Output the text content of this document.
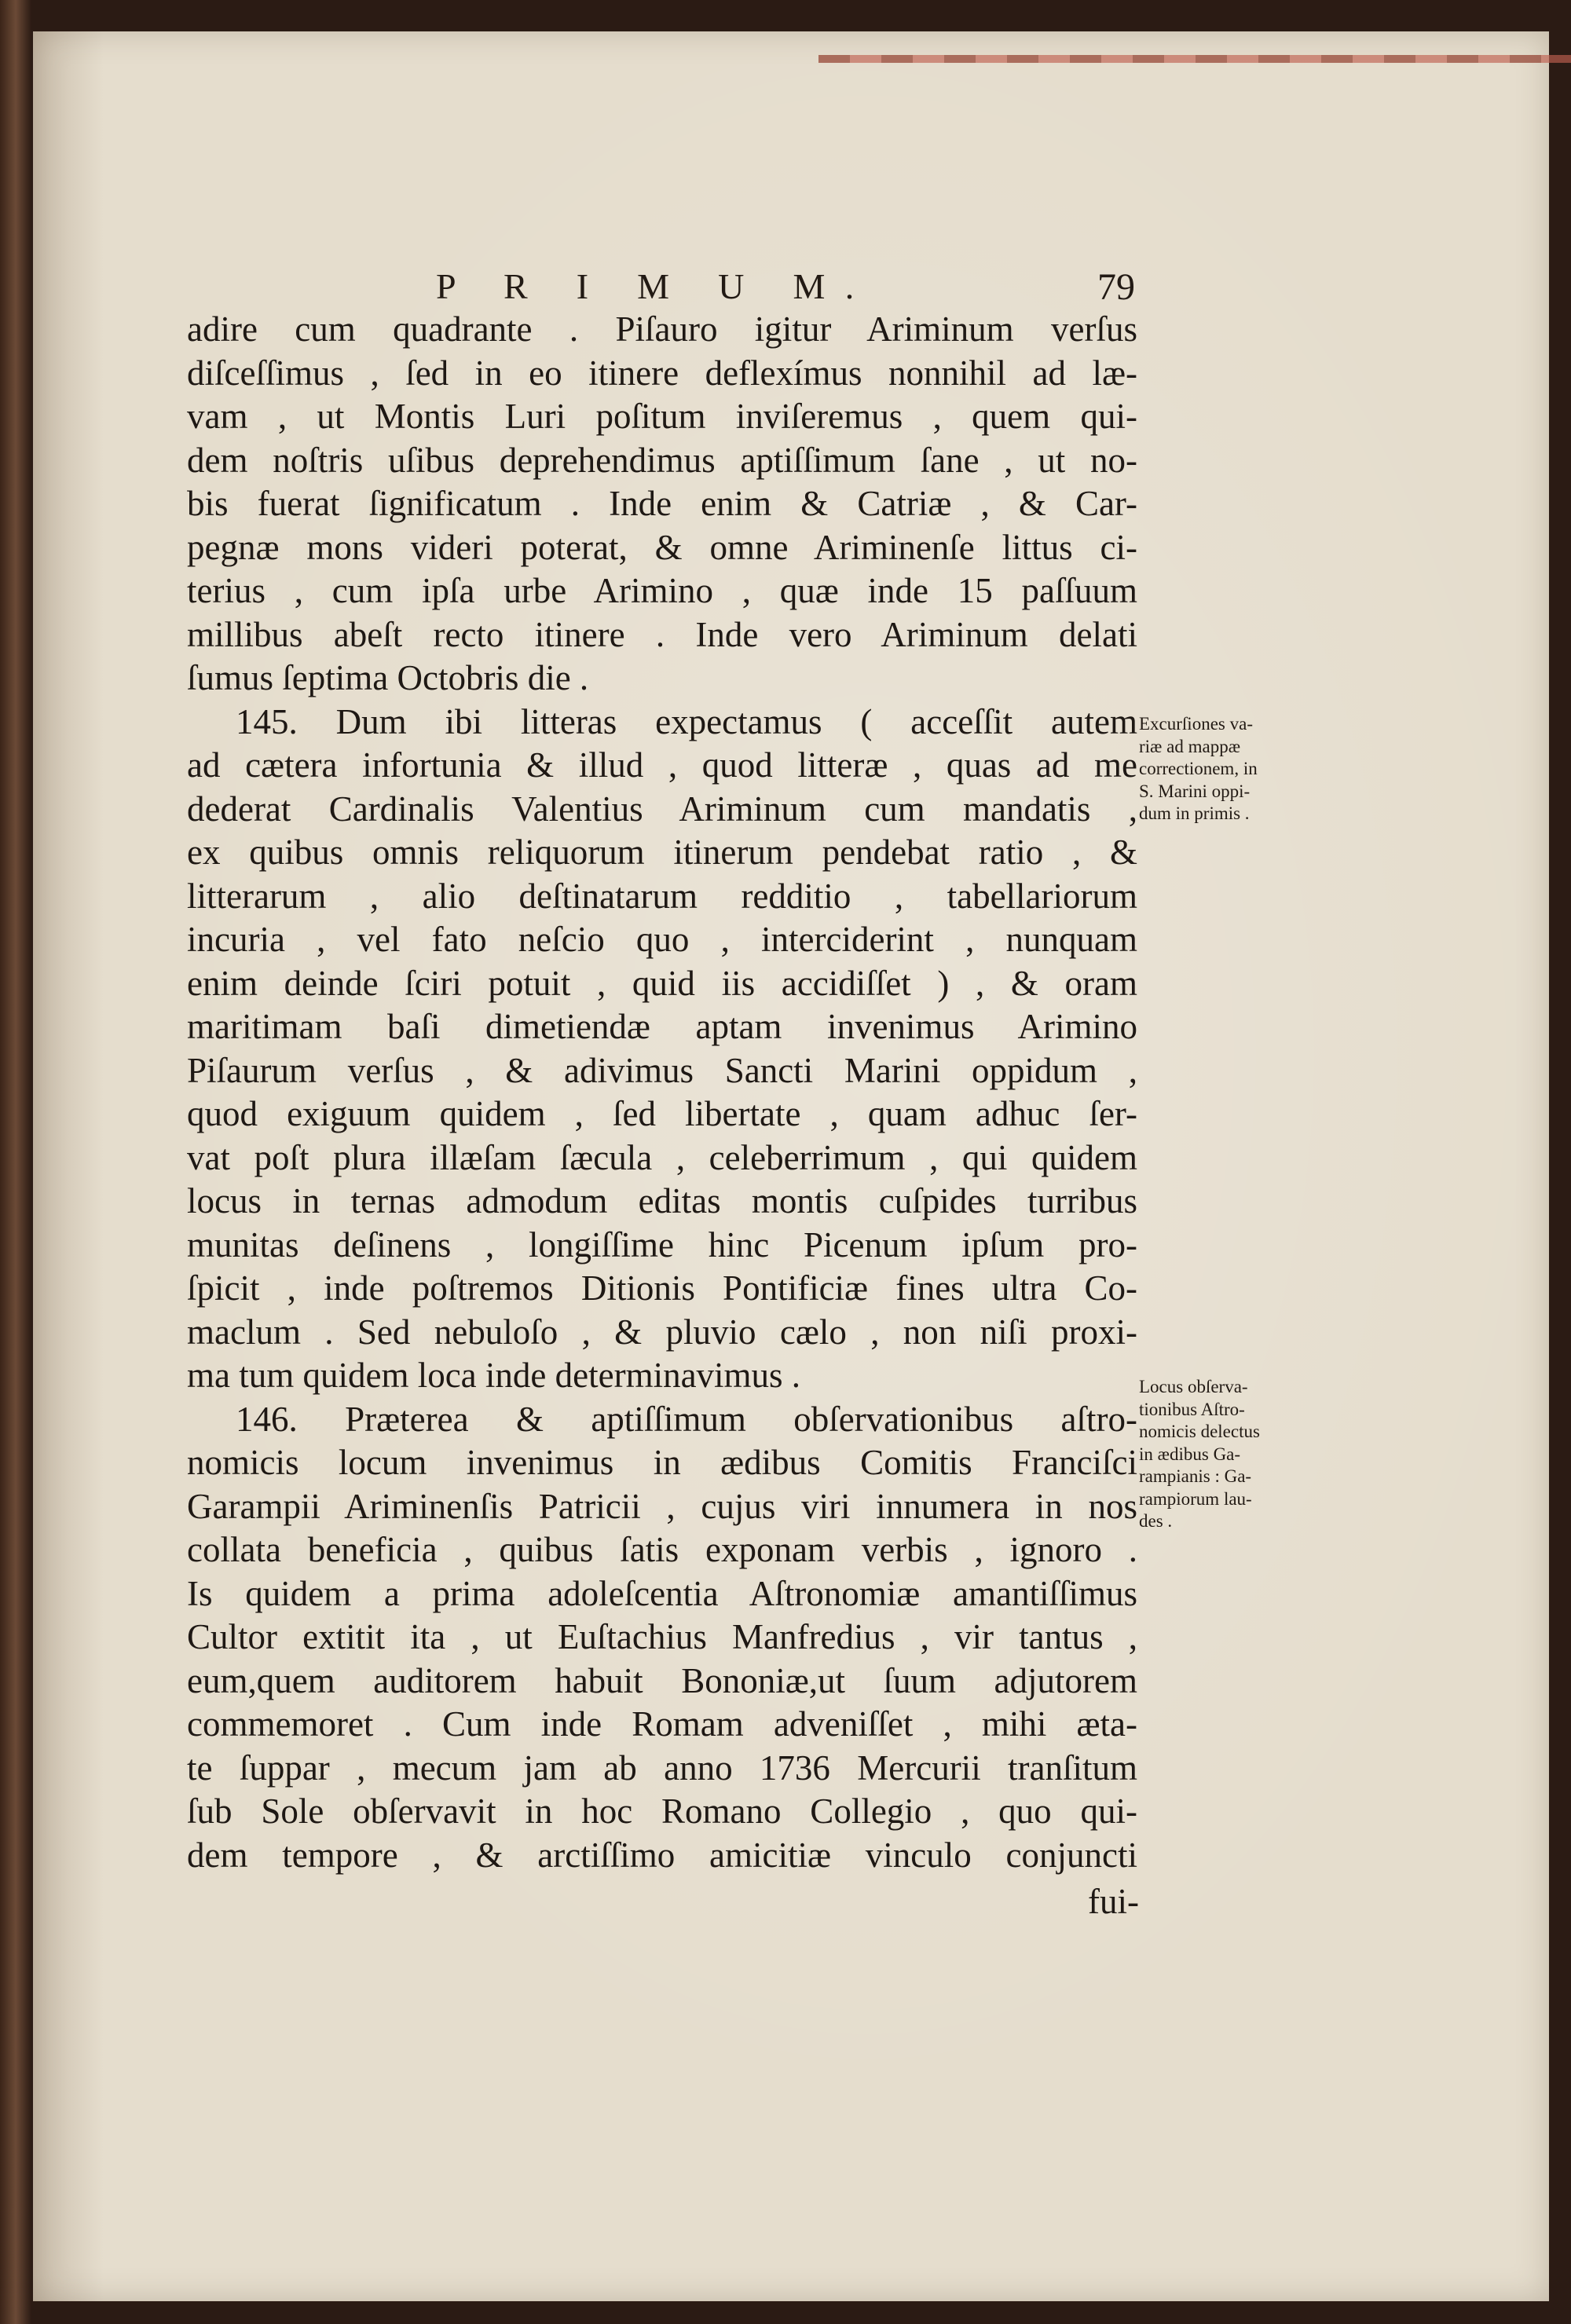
P R I M U M.	79
adire cum quadrante . Piſauro igitur Ariminum verſus
diſceſſimus , ſed in eo itinere deflexímus nonnihil ad læ-
vam , ut Montis Luri poſitum inviſeremus , quem qui-
dem noſtris uſibus deprehendimus aptiſſimum ſane , ut no-
bis fuerat ſignificatum . Inde enim & Catriæ , & Car-
pegnæ mons videri poterat, & omne Ariminenſe littus ci-
terius , cum ipſa urbe Arimino , quæ inde 15 paſſuum
millibus abeſt recto itinere . Inde vero Ariminum delati
ſumus ſeptima Octobris die .
145. Dum ibi litteras expectamus ( acceſſit autem
ad cætera infortunia & illud , quod litteræ , quas ad me
dederat Cardinalis Valentius Ariminum cum mandatis ,
ex quibus omnis reliquorum itinerum pendebat ratio , &
litterarum , alio deſtinatarum redditio , tabellariorum
incuria , vel fato neſcio quo , interciderint , nunquam
enim deinde ſciri potuit , quid iis accidiſſet ) , & oram
maritimam baſi dimetiendæ aptam invenimus Arimino
Piſaurum verſus , & adivimus Sancti Marini oppidum ,
quod exiguum quidem , ſed libertate , quam adhuc ſer-
vat poſt plura illæſam ſæcula , celeberrimum , qui quidem
locus in ternas admodum editas montis cuſpides turribus
munitas deſinens , longiſſime hinc Picenum ipſum pro-
ſpicit , inde poſtremos Ditionis Pontificiæ fines ultra Co-
maclum . Sed nebuloſo , & pluvio cælo , non niſi proxi-
ma tum quidem loca inde determinavimus .
146. Præterea & aptiſſimum obſervationibus aſtro-
nomicis locum invenimus in ædibus Comitis Franciſci
Garampii Ariminenſis Patricii , cujus viri innumera in nos
collata beneficia , quibus ſatis exponam verbis , ignoro .
Is quidem a prima adoleſcentia Aſtronomiæ amantiſſimus
Cultor extitit ita , ut Euſtachius Manfredius , vir tantus ,
eum,quem auditorem habuit Bononiæ,ut ſuum adjutorem
commemoret . Cum inde Romam adveniſſet , mihi æta-
te ſuppar , mecum jam ab anno 1736 Mercurii tranſitum
ſub Sole obſervavit in hoc Romano Collegio , quo qui-
dem tempore , & arctiſſimo amicitiæ vinculo conjuncti
Excurſiones va-
riæ ad mappæ
correctionem, in
S. Marini oppi-
dum in primis .
Locus obſerva-
tionibus Aſtro-
nomicis delectus
in ædibus Ga-
rampianis : Ga-
rampiorum lau-
des .
fui-
